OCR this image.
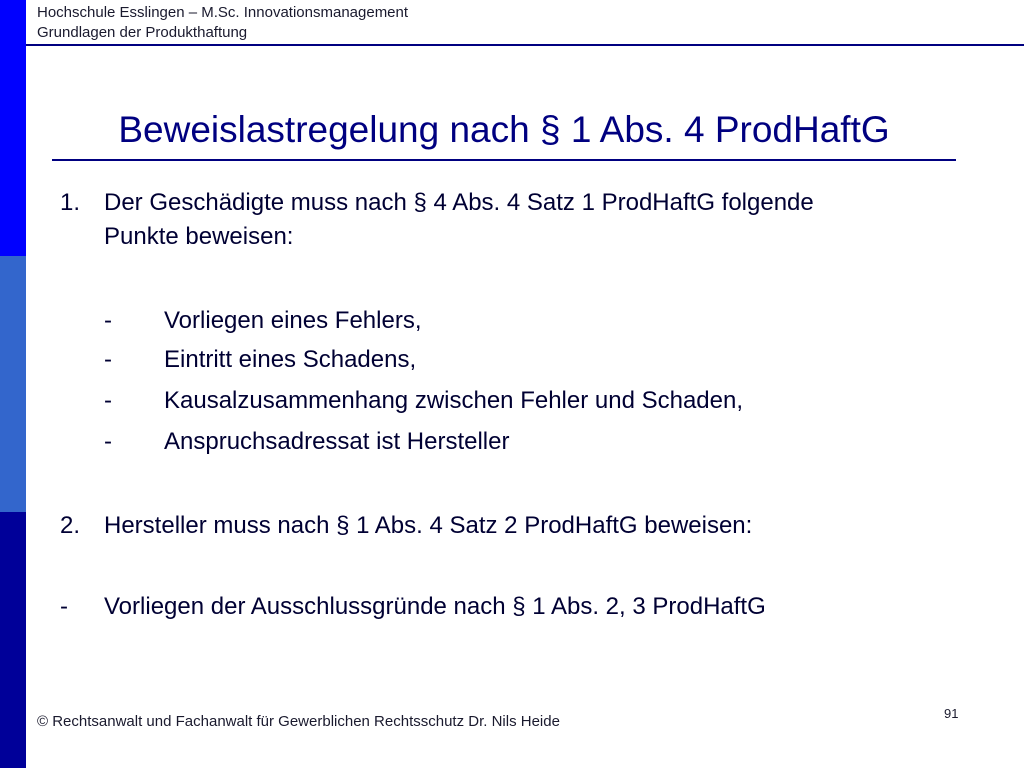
Hochschule Esslingen – M.Sc. Innovationsmanagement
Grundlagen der Produkthaftung
Beweislastregelung nach § 1 Abs. 4 ProdHaftG
1. Der Geschädigte muss nach § 4 Abs. 4 Satz 1 ProdHaftG folgende
Punkte beweisen:
- Vorliegen eines Fehlers,
- Eintritt eines Schadens,
- Kausalzusammenhang zwischen Fehler und Schaden,
- Anspruchsadressat ist Hersteller
2. Hersteller muss nach § 1 Abs. 4 Satz 2 ProdHaftG beweisen:
- Vorliegen der Ausschlussgründe nach § 1 Abs. 2, 3 ProdHaftG
© Rechtsanwalt und Fachanwalt für Gewerblichen Rechtsschutz Dr. Nils Heide	91
